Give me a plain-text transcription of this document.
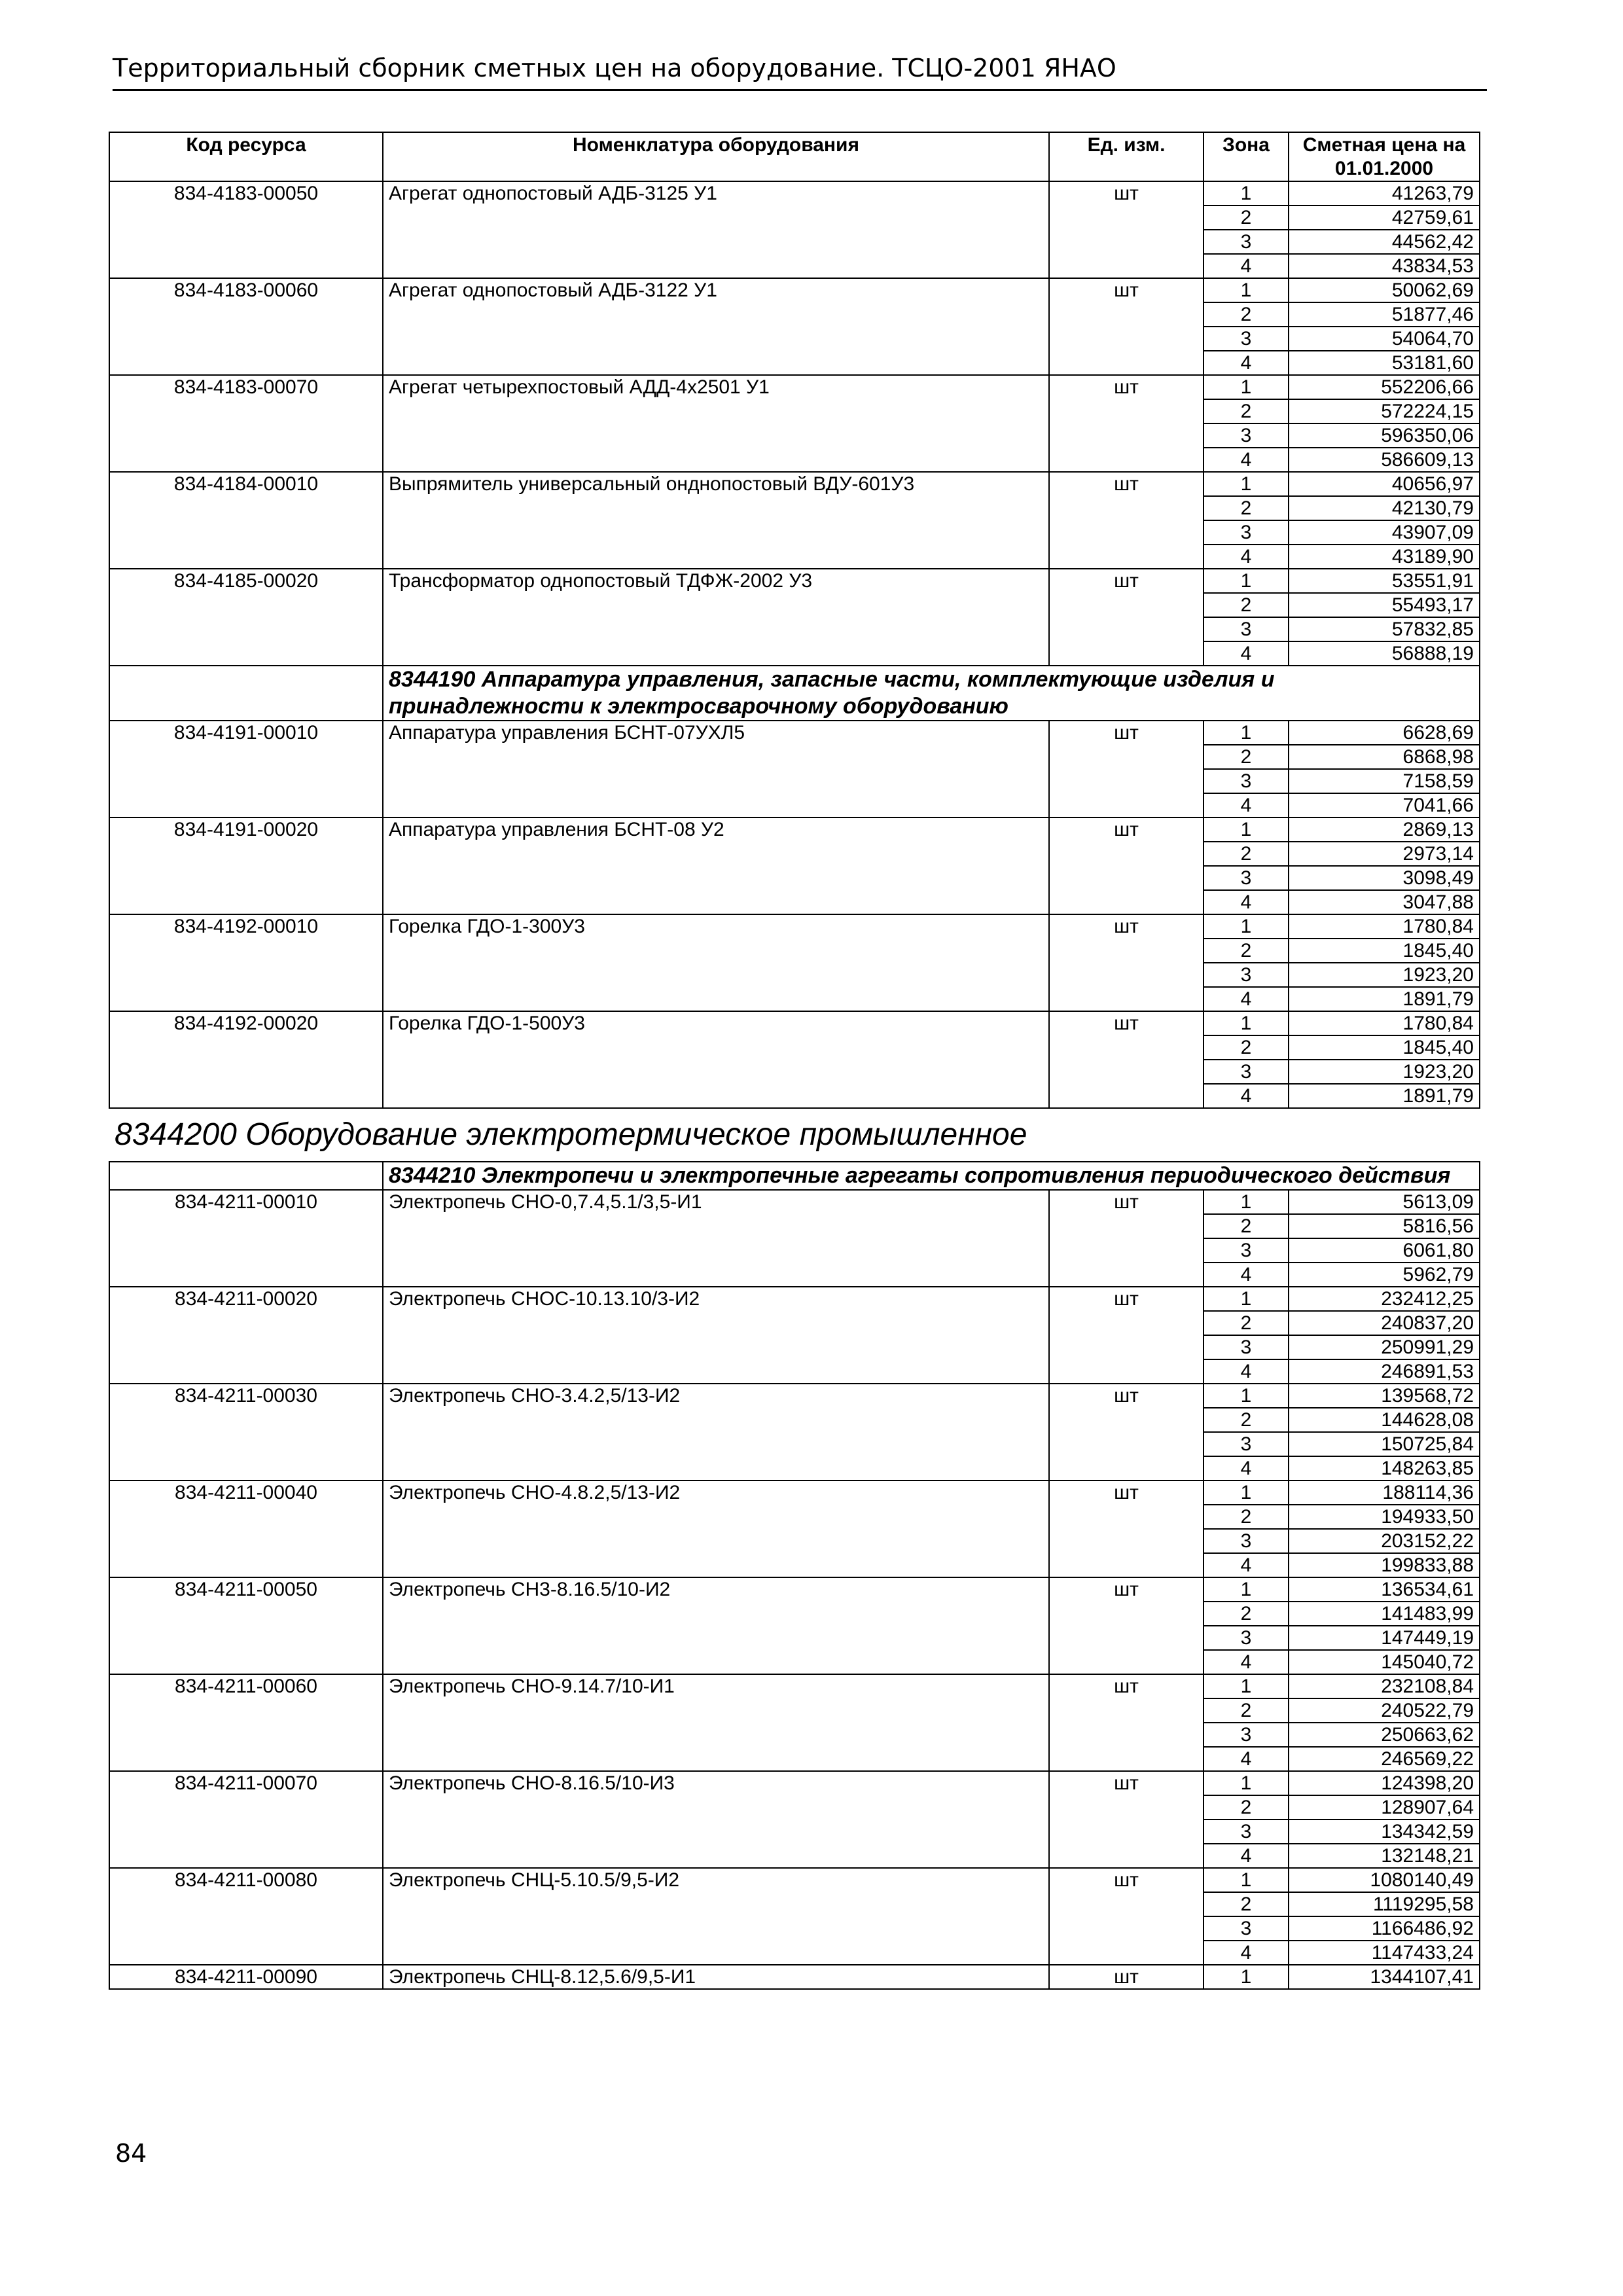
Территориальный сборник сметных цен на оборудование. ТСЦО-2001 ЯНАО
Код ресурса	Номенклатура оборудования	Ед. изм.	Зона	Сметная цена на 01.01.2000
834-4183-00050	Агрегат однопостовый АДБ-3125 У1	шт	1	41263,79
			2	42759,61
			3	44562,42
			4	43834,53
834-4183-00060	Агрегат однопостовый АДБ-3122 У1	шт	1	50062,69
			2	51877,46
			3	54064,70
			4	53181,60
834-4183-00070	Агрегат четырехпостовый АДД-4х2501 У1	шт	1	552206,66
			2	572224,15
			3	596350,06
			4	586609,13
834-4184-00010	Выпрямитель универсальный онднопостовый ВДУ-601У3	шт	1	40656,97
			2	42130,79
			3	43907,09
			4	43189,90
834-4185-00020	Трансформатор однопостовый ТДФЖ-2002 У3	шт	1	53551,91
			2	55493,17
			3	57832,85
			4	56888,19
	8344190 Аппаратура управления, запасные части, комплектующие изделия и принадлежности к электросварочному оборудованию			
834-4191-00010	Аппаратура управления БСНТ-07УХЛ5	шт	1	6628,69
			2	6868,98
			3	7158,59
			4	7041,66
834-4191-00020	Аппаратура управления БСНТ-08 У2	шт	1	2869,13
			2	2973,14
			3	3098,49
			4	3047,88
834-4192-00010	Горелка ГДО-1-300У3	шт	1	1780,84
			2	1845,40
			3	1923,20
			4	1891,79
834-4192-00020	Горелка ГДО-1-500У3	шт	1	1780,84
			2	1845,40
			3	1923,20
			4	1891,79
8344200 Оборудование электротермическое промышленное				
	8344210 Электропечи и электропечные агрегаты сопротивления периодического действия			
834-4211-00010	Электропечь СНО-0,7.4,5.1/3,5-И1	шт	1	5613,09
			2	5816,56
			3	6061,80
			4	5962,79
834-4211-00020	Электропечь СНОС-10.13.10/3-И2	шт	1	232412,25
			2	240837,20
			3	250991,29
			4	246891,53
834-4211-00030	Электропечь СНО-3.4.2,5/13-И2	шт	1	139568,72
			2	144628,08
			3	150725,84
			4	148263,85
834-4211-00040	Электропечь СНО-4.8.2,5/13-И2	шт	1	188114,36
			2	194933,50
			3	203152,22
			4	199833,88
834-4211-00050	Электропечь СН3-8.16.5/10-И2	шт	1	136534,61
			2	141483,99
			3	147449,19
			4	145040,72
834-4211-00060	Электропечь СНО-9.14.7/10-И1	шт	1	232108,84
			2	240522,79
			3	250663,62
			4	246569,22
834-4211-00070	Электропечь СНО-8.16.5/10-И3	шт	1	124398,20
			2	128907,64
			3	134342,59
			4	132148,21
834-4211-00080	Электропечь СНЦ-5.10.5/9,5-И2	шт	1	1080140,49
			2	1119295,58
			3	1166486,92
			4	1147433,24
834-4211-00090	Электропечь СНЦ-8.12,5.6/9,5-И1	шт	1	1344107,41
84
